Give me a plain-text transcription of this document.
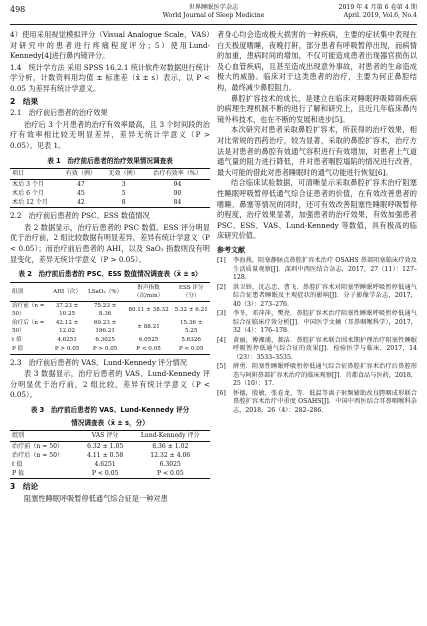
498	世界睡眠医学杂志
World Journal of Sleep Medicine
2019 年 4 月第 6 卷第 4 期
April. 2019, Vol.6, No.4

4）使用采用视觉模拟评分（Visual Analogue Scale，VAS）对研究中的患者进行疼痛程度评分；5）使用Lund-Kennedy[4]进行鼻内镜评分。

1.4　统计学方法 采用 SPSS 16.2.1 统计软件对数据进行统计学分析，计数资料用均值 ± 标准差（x̄ ± s）表示，以 P < 0.05 为差异有统计学意义。

2　结果

2.1　治疗前后患者的治疗效果

治疗后 3 个月患者的治疗有效率最高，且 3 个时间段的治疗有效率相比较无明显差异，差异无统计学意义（P > 0.05）。见表 1。

表 1　治疗前后患者的治疗效果情况调查表

项目	有效（例）	无效（例）	治疗有效率（%）
术后 3 个月	47	3	94
术后 6 个月	45	5	90
术后 12 个月	42	8	84

2.2　治疗前后患者的 PSC、ESS 数值情况

表 2 数据显示，治疗后患者的 PSC 数值、ESS 评分明显优于治疗前，2 组比较数据有明显差异，差异有统计学意义（P < 0.05）；而治疗前后患者的 AHI，以及 SaO₂ 指数则没有明显变化，差异无统计学意义（P > 0.05）。

表 2　治疗前后患者的 PSC、ESS 数值情况调查表（x̄ ± s）

组别	AHI（次）	LSaO₂（%）	鼾声指数（次/min）	ESS 评分（分）
治疗前（n = 50）	37.23 ± 10.25	75.23 ± 8.36	80.11 ± 38.32	5.32 ± 6.21
治疗后（n = 50）	42.12 ± 12.02	69.23 ± 196.21	± 88.21	15.36 ± 5.25
t 值	4.6251	6.3025	6.0525	5.6326
P 值	P > 0.05	P > 0.05	P < 0.05	P < 0.05

2.3　治疗前后患者的 VAS、Lund-Kennedy 评分情况

表 3 数据显示，治疗后患者的 VAS、Lund-Kennedy 评分明显优于治疗前，2 组比较，差异有统计学意义（P < 0.05）。

表 3　治疗前后患者的 VAS、Lund-Kennedy 评分

情况调查表（x̄ ± s，分）

组别	VAS 评分	Lund-Kennedy 评分
治疗前（n = 50）	6.32 ± 1.05	8.36 ± 1.02
治疗后（n = 50）	4.11 ± 0.58	12.32 ± 4.06
t 值	4.6251	6.3025
P 值	P < 0.05	P < 0.05

3　结论

阻塞性睡眠呼吸暂停低通气综合征是一种对患

者身心均会造成极大损害的一种疾病，主要的症状集中表现在白天极度嗜睡，夜晚打鼾，部分患者有呼吸暂停出现，而病情的加重，患病时间的增加，不仅可能造成患者出现器官损伤以及心血管疾病，且甚至造成出现意外事故，对患者的生命造成极大的威胁。临床对于这类患者的治疗，主要为何正鼻腔结构，最终减少鼻腔阻力。

鼻腔扩容技术的成长，是建立在临床对睡眠呼吸障碍疾病的病理生理机制不断的进行了解和研究上，且近几年临床鼻内镜外科技术，也在不断的发展和进步[5]。

本次研究对患者采取鼻腔扩容术，所获得的治疗效果，相对比常规的西药治疗，较为显著，采取的鼻腔扩容术，治疗方法是对患者的鼻腔有效通气容积进行有效增加，对患者上气道通气量的阻力进行降低，并对患者咽腔塌陷的情况进行改善，最大可能的借此对患者睡眠时的通气功能进行恢复[6]。

结合临床试验数据，可清晰显示采取鼻腔扩容术治疗阻塞性睡眠呼吸暂停低通气综合征患者的价值，在有效改善患者的嗜睡、鼻塞等情况的同时，还可有效改善阻塞性睡眠呼吸暂停的程度，治疗效果显著，加强患者的治疗效果，有效加强患者 PSC、ESS、VAS、Lund-Kennedy 等数值，具有极高的临床研究价值。

参考文献

[1]	李海燕，阻塞静脉点鼻腔扩容术治疗 OSAHS 鼻部阻塞临床疗效及生活质量观察[J]．深圳中西医结合杂志，2017，27（11）：127–128.
[2]	洪卫娇，沈志忠，曹飞．鼻腔扩容术对阻塞型睡眠呼吸暂停低通气综合征患者睡眠及主观症状的影响[J]．分子影像学杂志，2017，40（3）：273–276.
[3]	李冬，邓萍萍，樊亮．鼻腔扩容术治疗阻塞性睡眠呼吸暂停低通气综合征临床疗效分析[J]．中国医学文摘（耳鼻咽喉科学），2017，32（4）：176–178.
[4]	黄丽，傅湘浦，郝洁．鼻腔扩容术联合围术期护理治疗阻塞性睡眠呼吸暂停低通气综合征的效果[J]．检验医学与临床，2017，14（23）：3533–3535.
[5]	薛勇．阻塞性睡眠呼吸暂停低通气综合征鼻腔扩容术治疗后鼻腔形态与阿鼾鼻部扩容术治疗的临床观察[J]．首都食品与医药，2018，25（10）：17.
[6]	怀德，殷敏，张卷龙，等．低温等离子射频辅助改良腭咽成形联合鼻腔扩容术治疗中重度 OSAHS[J]．中国中西医结合耳鼻咽喉科杂志，2018，26（4）：282–286.
